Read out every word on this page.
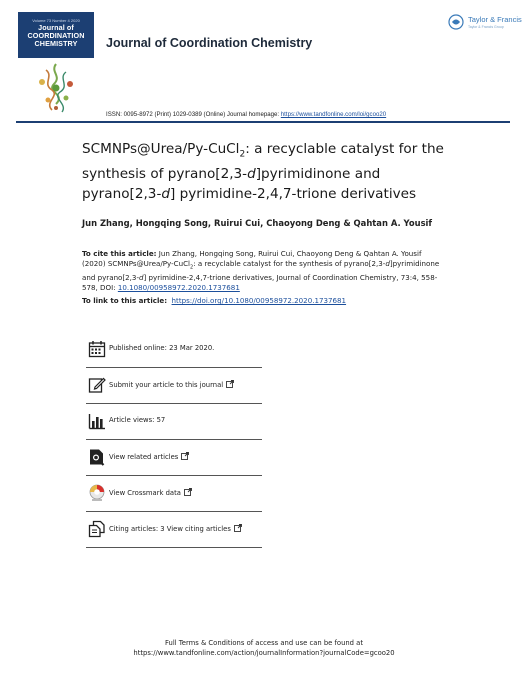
Volume 73 Number 4 2020
Journal of COORDINATION CHEMISTRY	Journal of Coordination Chemistry
Taylor & Francis
Taylor & Francis Group
ISSN: 0095-8972 (Print) 1029-0389 (Online) Journal homepage: https://www.tandfonline.com/loi/gcoo20
SCMNPs@Urea/Py-CuCl$_2$: a recyclable catalyst for the synthesis of pyrano[2,3-d]pyrimidinone and pyrano[2,3-d] pyrimidine-2,4,7-trione derivatives
Jun Zhang, Hongqing Song, Ruirui Cui, Chaoyong Deng & Qahtan A. Yousif
To cite this article: Jun Zhang, Hongqing Song, Ruirui Cui, Chaoyong Deng & Qahtan A. Yousif (2020) SCMNPs@Urea/Py-CuCl$_2$: a recyclable catalyst for the synthesis of pyrano[2,3-d]pyrimidinone and pyrano[2,3-d] pyrimidine-2,4,7-trione derivatives, Journal of Coordination Chemistry, 73:4, 558-578, DOI: 10.1080/00958972.2020.1737681
To link to this article: https://doi.org/10.1080/00958972.2020.1737681
Published online: 23 Mar 2020.
Submit your article to this journal
Article views: 57
View related articles
View Crossmark data
Citing articles: 3 View citing articles
Full Terms & Conditions of access and use can be found at
https://www.tandfonline.com/action/journalInformation?journalCode=gcoo20
